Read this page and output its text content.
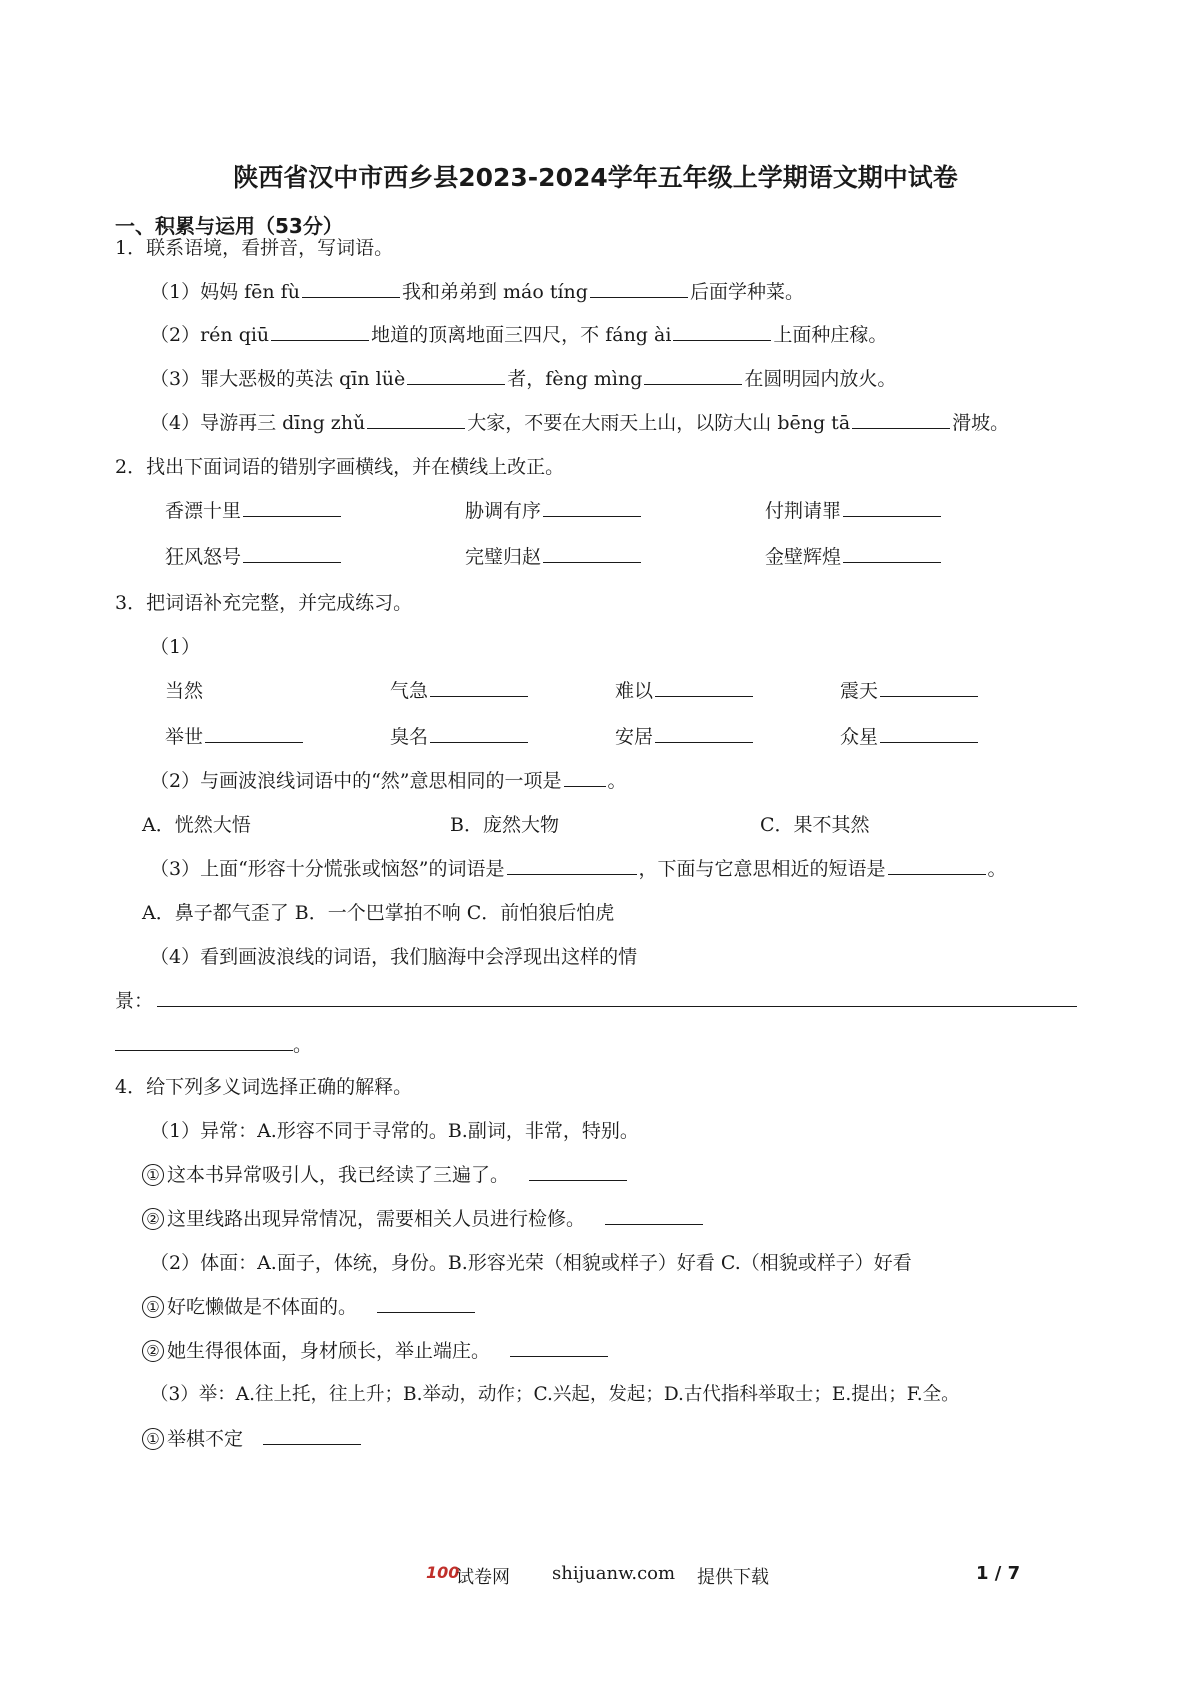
陕西省汉中市西乡县2023-2024学年五年级上学期语文期中试卷
一、积累与运用（53分）
1．联系语境，看拼音，写词语。
（1）妈妈 fēn fù	我和弟弟到 máo tíng	后面学种菜。
（2）rén qiū	地道的顶离地面三四尺，不 fáng ài	上面种庄稼。
（3）罪大恶极的英法 qīn lüè	者，fèng mìng	在圆明园内放火。
（4）导游再三 dīng zhǔ	大家，不要在大雨天上山，以防大山 bēng tā	滑坡。
2．找出下面词语的错别字画横线，并在横线上改正。
香漂十里	胁调有序	付荆请罪
狂风怒号	完璧归赵	金壁辉煌
3．把词语补充完整，并完成练习。
（1）
当然	气急	难以	震天
举世	臭名	安居	众星
（2）与画波浪线词语中的“然”意思相同的一项是 。
A．恍然大悟	B．庞然大物	C．果不其然
（3）上面“形容十分慌张或恼怒”的词语是	，下面与它意思相近的短语是	。
A．鼻子都气歪了 B．一个巴掌拍不响 C．前怕狼后怕虎
（4）看到画波浪线的词语，我们脑海中会浮现出这样的情
景：
。
4．给下列多义词选择正确的解释。
（1）异常：A.形容不同于寻常的。B.副词，非常，特别。
① 这本书异常吸引人，我已经读了三遍了。
② 这里线路出现异常情况，需要相关人员进行检修。
（2）体面：A.面子，体统，身份。B.形容光荣（相貌或样子）好看 C.（相貌或样子）好看
① 好吃懒做是不体面的。
② 她生得很体面，身材颀长，举止端庄。
（3）举：A.往上托，往上升；B.举动，动作；C.兴起，发起；D.古代指科举取士；E.提出；F.全。
① 举棋不定
100
试卷网 shijuanw.com 提供下载	1 / 7
